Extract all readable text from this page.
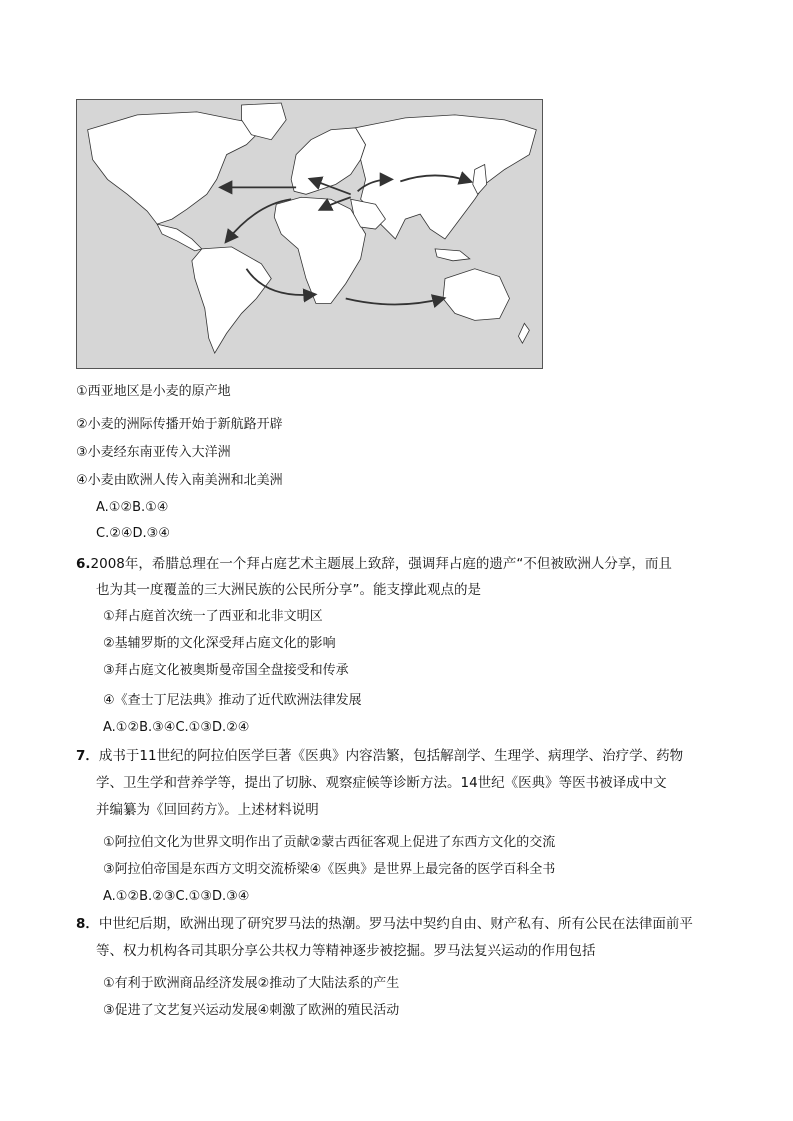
①西亚地区是小麦的原产地
②小麦的洲际传播开始于新航路开辟
③小麦经东南亚传入大洋洲
④小麦由欧洲人传入南美洲和北美洲
A.①②B.①④
C.②④D.③④
6.2008年，希腊总理在一个拜占庭艺术主题展上致辞，强调拜占庭的遗产“不但被欧洲人分享，而且
也为其一度覆盖的三大洲民族的公民所分享”。能支撑此观点的是
①拜占庭首次统一了西亚和北非文明区
②基辅罗斯的文化深受拜占庭文化的影响
③拜占庭文化被奥斯曼帝国全盘接受和传承
④《查士丁尼法典》推动了近代欧洲法律发展
A.①②B.③④C.①③D.②④
7．成书于11世纪的阿拉伯医学巨著《医典》内容浩繁，包括解剖学、生理学、病理学、治疗学、药物
学、卫生学和营养学等，提出了切脉、观察症候等诊断方法。14世纪《医典》等医书被译成中文
并编纂为《回回药方》。上述材料说明
①阿拉伯文化为世界文明作出了贡献②蒙古西征客观上促进了东西方文化的交流
③阿拉伯帝国是东西方文明交流桥梁④《医典》是世界上最完备的医学百科全书
A.①②B.②③C.①③D.③④
8．中世纪后期，欧洲出现了研究罗马法的热潮。罗马法中契约自由、财产私有、所有公民在法律面前平
等、权力机构各司其职分享公共权力等精神逐步被挖掘。罗马法复兴运动的作用包括
①有利于欧洲商品经济发展②推动了大陆法系的产生
③促进了文艺复兴运动发展④刺激了欧洲的殖民活动
